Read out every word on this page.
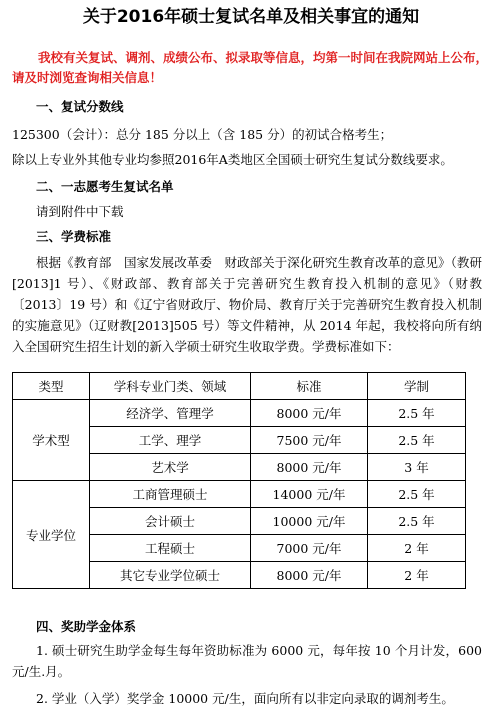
关于2016年硕士复试名单及相关事宜的通知
我校有关复试、调剂、成绩公布、拟录取等信息，均第一时间在我院网站上公布，请及时浏览查询相关信息！
一、复试分数线
125300（会计）：总分 185 分以上（含 185 分）的初试合格考生；
除以上专业外其他专业均参照2016年A类地区全国硕士研究生复试分数线要求。
二、一志愿考生复试名单
请到附件中下载
三、学费标准
根据《教育部　国家发展改革委　财政部关于深化研究生教育改革的意见》（教研[2013]1 号）、《财政部、教育部关于完善研究生教育投入机制的意见》（财教〔2013〕19 号）和《辽宁省财政厅、物价局、教育厅关于完善研究生教育投入机制的实施意见》（辽财教[2013]505 号）等文件精神，从 2014 年起，我校将向所有纳入全国研究生招生计划的新入学硕士研究生收取学费。学费标准如下：
类型	学科专业门类、领域	标准	学制
学术型	经济学、管理学	8000 元/年	2.5 年
	工学、理学	7500 元/年	2.5 年
	艺术学	8000 元/年	3 年
专业学位	工商管理硕士	14000 元/年	2.5 年
	会计硕士	10000 元/年	2.5 年
	工程硕士	7000 元/年	2 年
	其它专业学位硕士	8000 元/年	2 年
四、奖助学金体系
1. 硕士研究生助学金每生每年资助标准为 6000 元，每年按 10 个月计发，600 元/生.月。
2. 学业（入学）奖学金 10000 元/生，面向所有以非定向录取的调剂考生。
